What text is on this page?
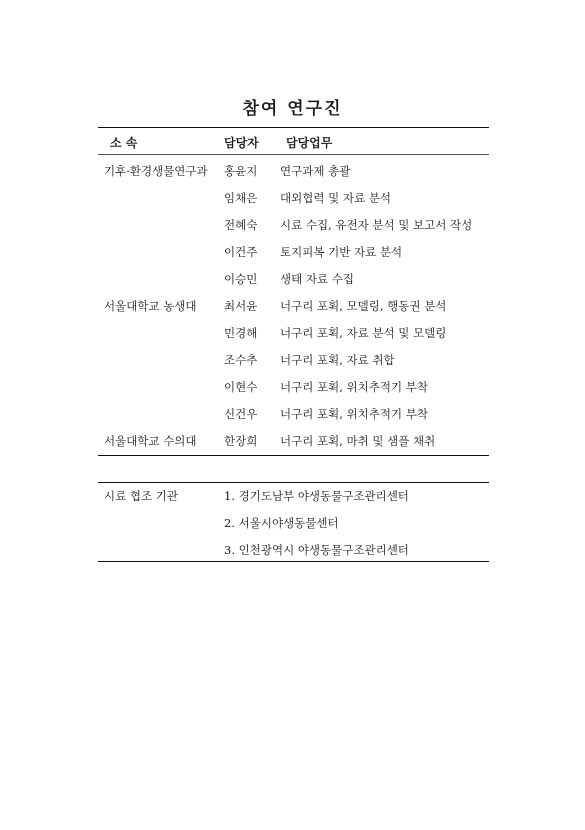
참여 연구진
소 속	담당자 담당업무
기후·환경생물연구과 홍윤지 연구과제 총괄
임채은 대외협력 및 자료 분석
전혜숙 시료 수집, 유전자 분석 및 보고서 작성
이건주 토지피복 기반 자료 분석
이승민 생태 자료 수집
서울대학교 농생대 최서윤 너구리 포획, 모델링, 행동권 분석
민경해 너구리 포획, 자료 분석 및 모델링
조수추 너구리 포획, 자료 취합
이현수 너구리 포획, 위치추적기 부착
신건우 너구리 포획, 위치추적기 부착
서울대학교 수의대 한장희 너구리 포획, 마취 및 샘플 채취
시료 협조 기관	1. 경기도남부 야생동물구조관리센터
2. 서울시야생동물센터
3. 인천광역시 야생동물구조관리센터
